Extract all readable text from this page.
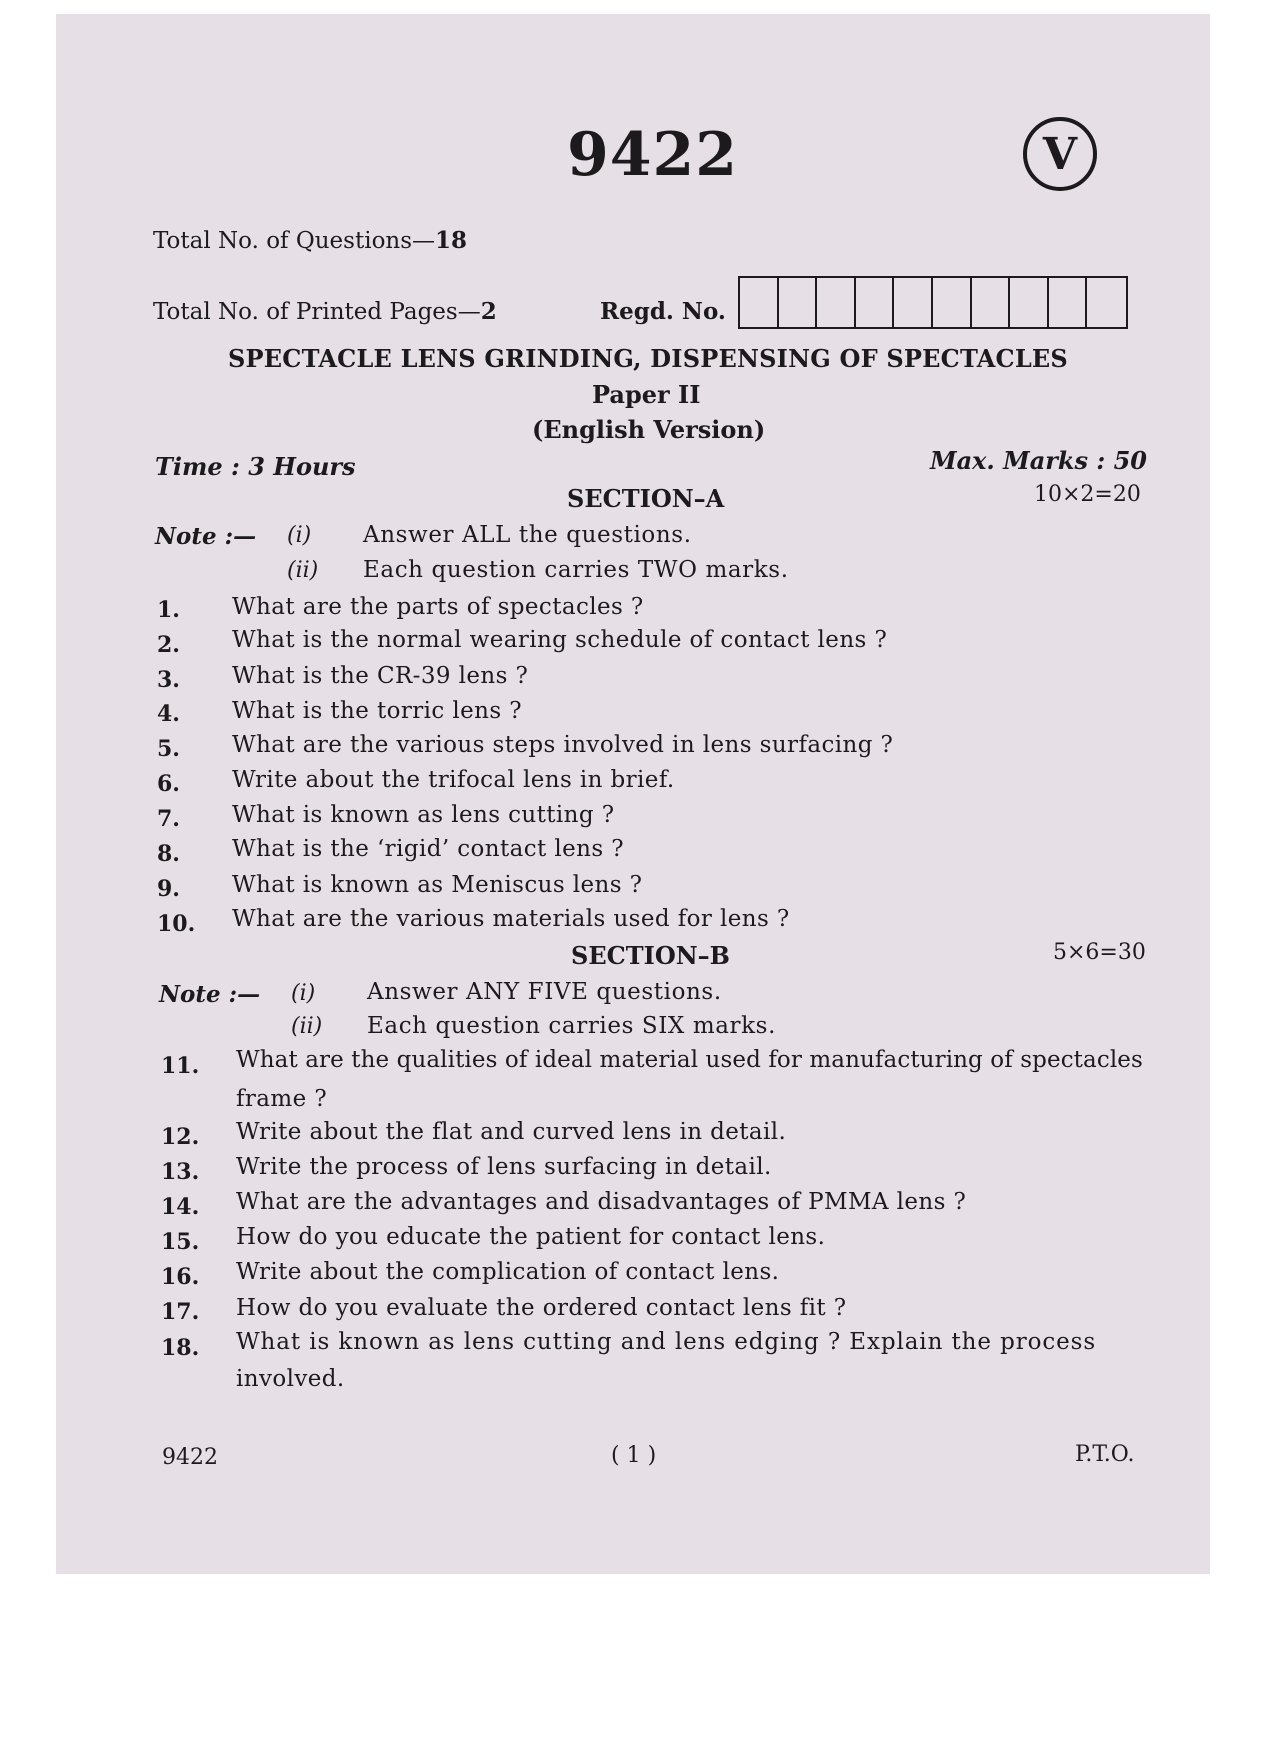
9422	V
Total No. of Questions—18
Total No. of Printed Pages—2	Regd. No.
SPECTACLE LENS GRINDING, DISPENSING OF SPECTACLES
Paper II
(English Version)
Time : 3 Hours	Max. Marks : 50
SECTION–A	10×2=20
Note :— (i) Answer ALL the questions.
(ii) Each question carries TWO marks.
1. What are the parts of spectacles ?
2. What is the normal wearing schedule of contact lens ?
3. What is the CR-39 lens ?
4. What is the torric lens ?
5. What are the various steps involved in lens surfacing ?
6. Write about the trifocal lens in brief.
7. What is known as lens cutting ?
8. What is the ‘rigid’ contact lens ?
9. What is known as Meniscus lens ?
10. What are the various materials used for lens ?
SECTION–B	5×6=30
Note :— (i) Answer ANY FIVE questions.
(ii) Each question carries SIX marks.
11. What are the qualities of ideal material used for manufacturing of spectacles
frame ?
12. Write about the flat and curved lens in detail.
13. Write the process of lens surfacing in detail.
14. What are the advantages and disadvantages of PMMA lens ?
15. How do you educate the patient for contact lens.
16. Write about the complication of contact lens.
17. How do you evaluate the ordered contact lens fit ?
18. What is known as lens cutting and lens edging ? Explain the process
involved.
9422	( 1 )	P.T.O.
